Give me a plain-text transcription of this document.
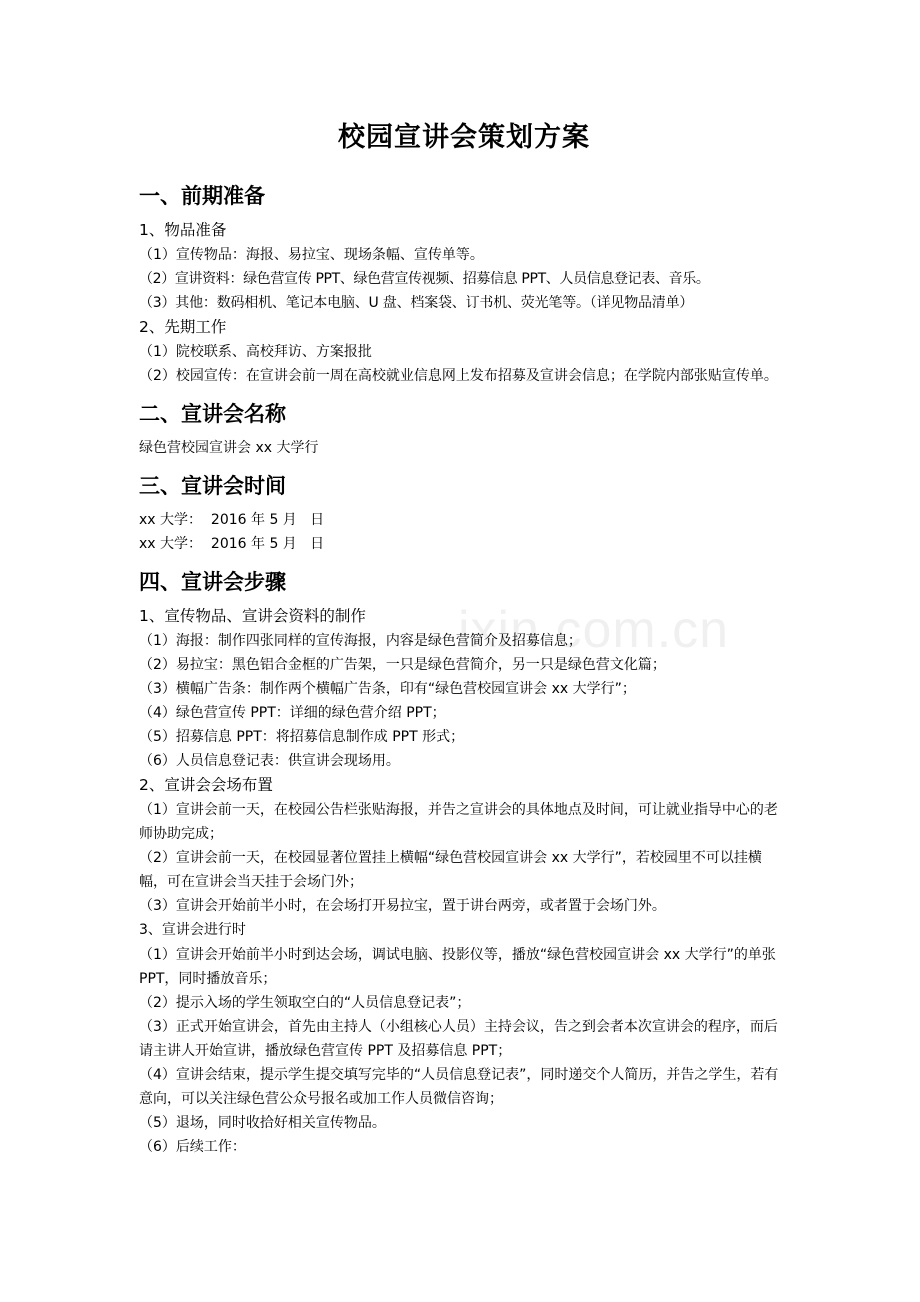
ixin.com.cn
校园宣讲会策划方案
一、前期准备

1、物品准备

（1）宣传物品：海报、易拉宝、现场条幅、宣传单等。

（2）宣讲资料：绿色营宣传 PPT、绿色营宣传视频、招募信息 PPT、人员信息登记表、音乐。

（3）其他：数码相机、笔记本电脑、U 盘、档案袋、订书机、荧光笔等。（详见物品清单）

2、先期工作

（1）院校联系、高校拜访、方案报批

（2）校园宣传：在宣讲会前一周在高校就业信息网上发布招募及宣讲会信息；在学院内部张贴宣传单。

二、宣讲会名称

绿色营校园宣讲会 xx 大学行

三、宣讲会时间

xx 大学：  2016 年 5 月   日

xx 大学：  2016 年 5 月   日

四、宣讲会步骤

1、宣传物品、宣讲会资料的制作

（1）海报：制作四张同样的宣传海报，内容是绿色营简介及招募信息；

（2）易拉宝：黑色铝合金框的广告架，一只是绿色营简介，另一只是绿色营文化篇；

（3）横幅广告条：制作两个横幅广告条，印有“绿色营校园宣讲会 xx 大学行”；

（4）绿色营宣传 PPT：详细的绿色营介绍 PPT；

（5）招募信息 PPT：将招募信息制作成 PPT 形式；

（6）人员信息登记表：供宣讲会现场用。

2、宣讲会会场布置

（1）宣讲会前一天，在校园公告栏张贴海报，并告之宣讲会的具体地点及时间，可让就业指导中心的老师协助完成；

（2）宣讲会前一天，在校园显著位置挂上横幅“绿色营校园宣讲会 xx 大学行”，若校园里不可以挂横幅，可在宣讲会当天挂于会场门外；

（3）宣讲会开始前半小时，在会场打开易拉宝，置于讲台两旁，或者置于会场门外。

3、宣讲会进行时

（1）宣讲会开始前半小时到达会场，调试电脑、投影仪等，播放“绿色营校园宣讲会 xx 大学行”的单张 PPT，同时播放音乐；

（2）提示入场的学生领取空白的“人员信息登记表”；

（3）正式开始宣讲会，首先由主持人（小组核心人员）主持会议，告之到会者本次宣讲会的程序，而后请主讲人开始宣讲，播放绿色营宣传 PPT 及招募信息 PPT；

（4）宣讲会结束，提示学生提交填写完毕的“人员信息登记表”，同时递交个人简历，并告之学生，若有意向，可以关注绿色营公众号报名或加工作人员微信咨询；

（5）退场，同时收拾好相关宣传物品。

（6）后续工作：
